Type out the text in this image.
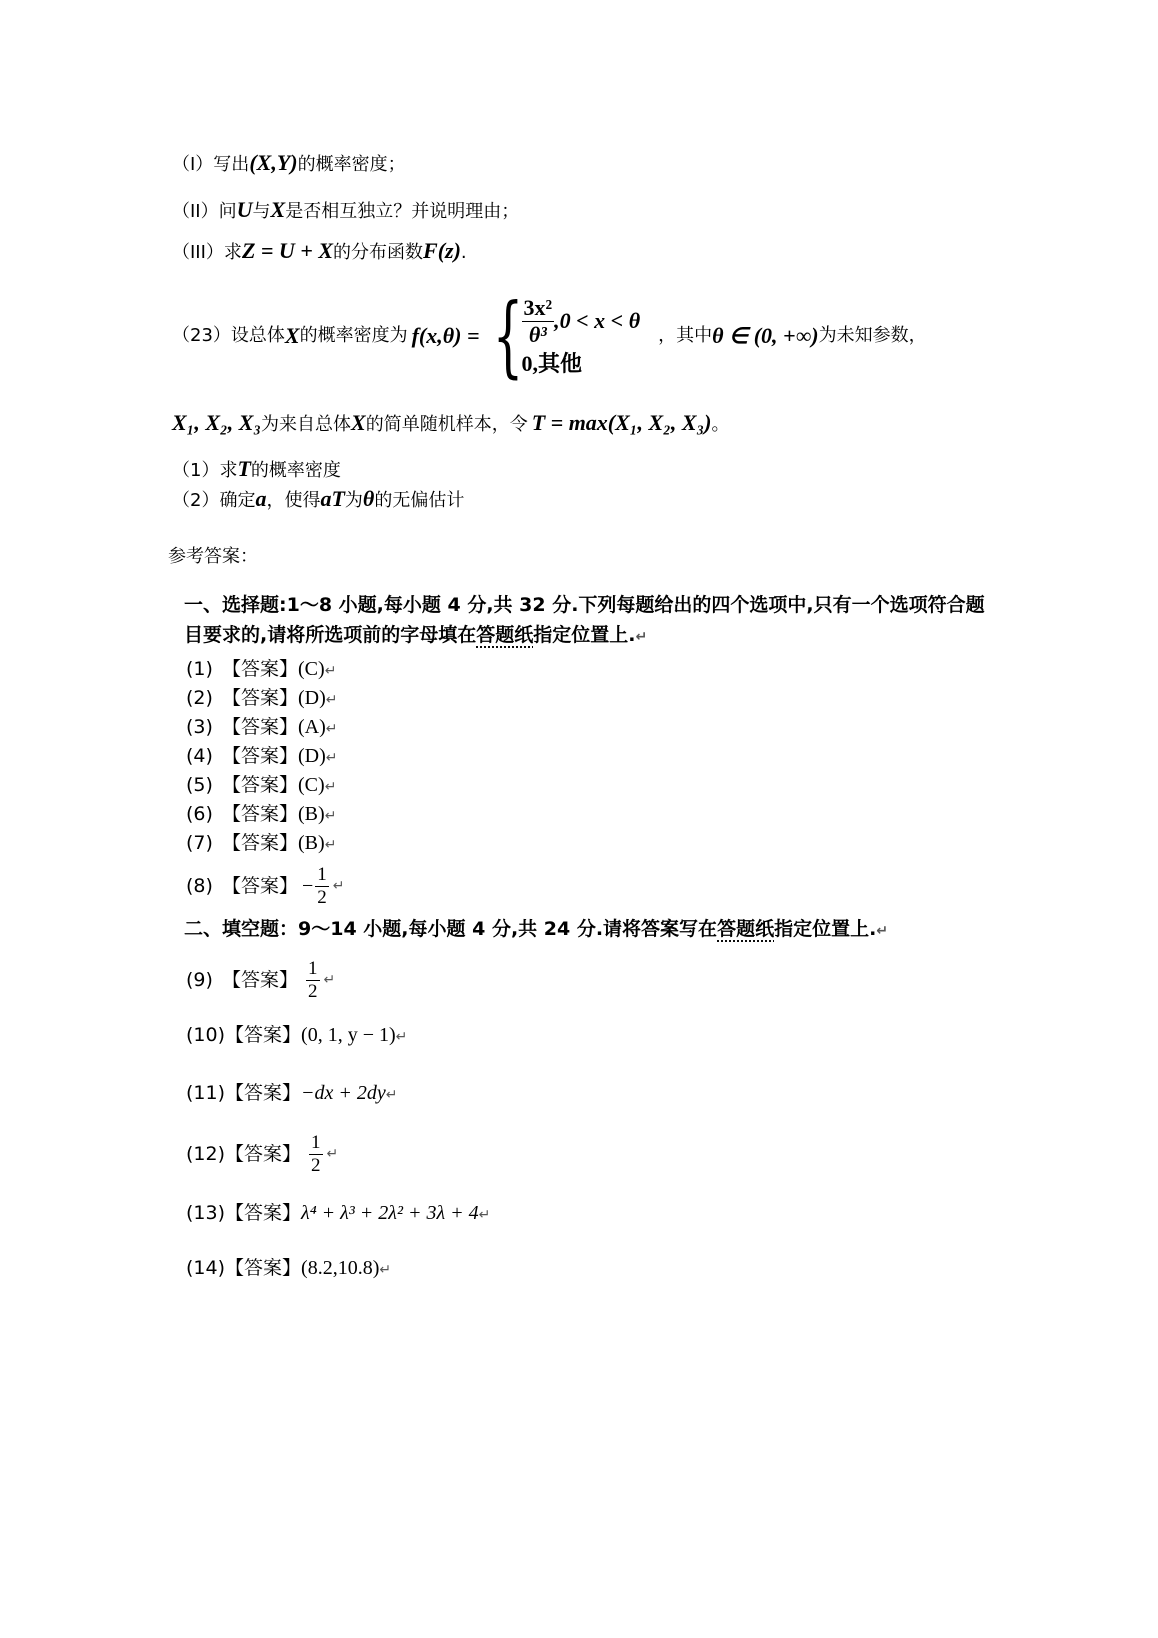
（I）写出(X,Y)的概率密度；
（II）问U与X是否相互独立？并说明理由；
（III）求Z = U + X的分布函数F(z).
（23）设总体 X 的概率密度为 f(x,θ) = {
$\frac{\text{3x²}}{\text{θ³}} ,0 < x < \theta$
0,其他
，其中 θ ∈ (0, +∞) 为未知参数，
X₁, X₂, X₃为来自总体X的简单随机样本，令 T = max(X₁, X₂, X₃)。
（1）求T的概率密度
（2）确定a，使得aT为θ的无偏估计
参考答案：
一、选择题:1～8 小题,每小题 4 分,共 32 分.下列每题给出的四个选项中,只有一个选项符合题
目要求的,请将所选项前的字母填在答题纸指定位置上.↵
(1) 【答案】(C)↵
(2) 【答案】(D)↵
(3) 【答案】(A)↵
(4) 【答案】(D)↵
(5) 【答案】(C)↵
(6) 【答案】(B)↵
(7) 【答案】(B)↵
(8) 【答案】 − $\frac{1}{2}$ ↵
二、填空题：9～14 小题,每小题 4 分,共 24 分.请将答案写在答题纸指定位置上.↵
(9) 【答案】 $\frac{1}{2}$ ↵
(10)【答案】(0, 1, y − 1)↵
(11)【答案】−dx + 2dy↵
(12) 【答案】 $\frac{1}{2}$ ↵
(13)【答案】λ⁴ + λ³ + 2λ² + 3λ + 4↵
(14)【答案】(8.2,10.8)↵
